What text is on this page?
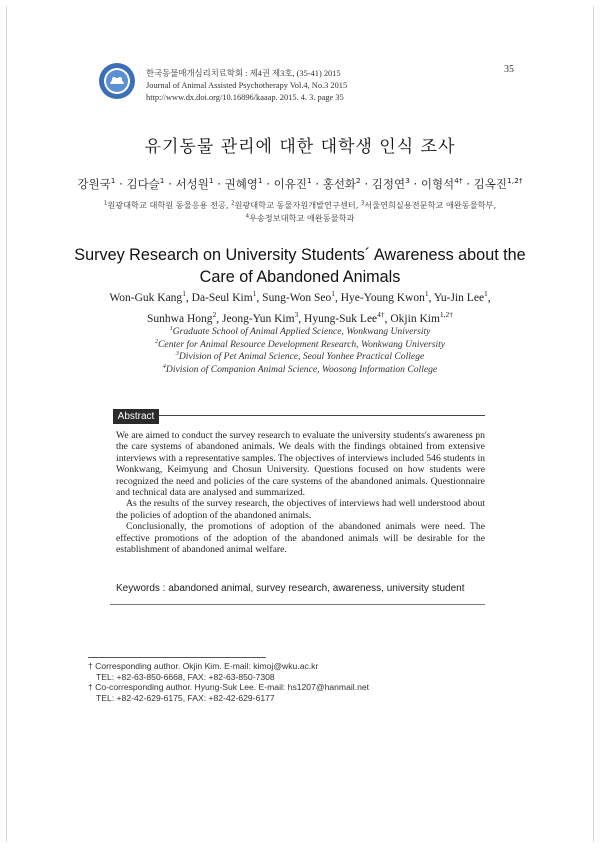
한국동물매개심리치료학회 : 제4권 제3호, (35-41) 2015
Journal of Animal Assisted Psychotherapy Vol.4, No.3 2015
http://www.dx.doi.org/10.16896/kaaap. 2015. 4. 3. page 35
35
유기동물 관리에 대한 대학생 인식 조사
강원국$^1$ · 김다슬$^1$ · 서성원$^1$ · 권혜영$^1$ · 이유진$^1$ · 홍선화$^2$ · 김정연$^3$ · 이형석$^{4\dagger}$ · 김옥진$^{1,2\dagger}$
$^1$원광대학교 대학원 동물응용 전공, $^2$원광대학교 동물자원개발연구센터, $^3$서울연희실용전문학교 애완동물학부,
$^4$우송정보대학교 애완동물학과
Survey Research on University Students´ Awareness about the Care of Abandoned Animals
Won-Guk Kang$^1$, Da-Seul Kim$^1$, Sung-Won Seo$^1$, Hye-Young Kwon$^1$, Yu-Jin Lee$^1$,
Sunhwa Hong$^2$, Jeong-Yun Kim$^3$, Hyung-Suk Lee$^{4\dagger}$, Okjin Kim$^{1,2\dagger}$
$^1$Graduate School of Animal Applied Science, Wonkwang University
$^2$Center for Animal Resource Development Research, Wonkwang University
$^3$Division of Pet Animal Science, Seoul Yonhee Practical College
$^4$Division of Companion Animal Science, Woosong Information College
Abstract

We are aimed to conduct the survey research to evaluate the university students's awareness pn the care systems of abandoned animals. We deals with the findings obtained from extensive interviews with a representative samples. The objectives of interviews included 546 students in Wonkwang, Keimyung and Chosun University. Questions focused on how students were recognized the need and policies of the care systems of the abandoned animals. Questionnaire and technical data are analysed and summarized.

As the results of the survey research, the objectives of interviews had well understood about the policies of adoption of the abandoned animals.

Conclusionally, the promotions of adoption of the abandoned animals were need. The effective promotions of the adoption of the abandoned animals will be desirable for the establishment of abandoned animal welfare.

Keywords : abandoned animal, survey research, awareness, university student
† Corresponding author. Okjin Kim. E-mail: kimoj@wku.ac.kr
TEL: +82-63-850-6668, FAX: +82-63-850-7308
† Co-corresponding author. Hyung-Suk Lee. E-mail: hs1207@hanmail.net
TEL: +82-42-629-6175, FAX: +82-42-629-6177
